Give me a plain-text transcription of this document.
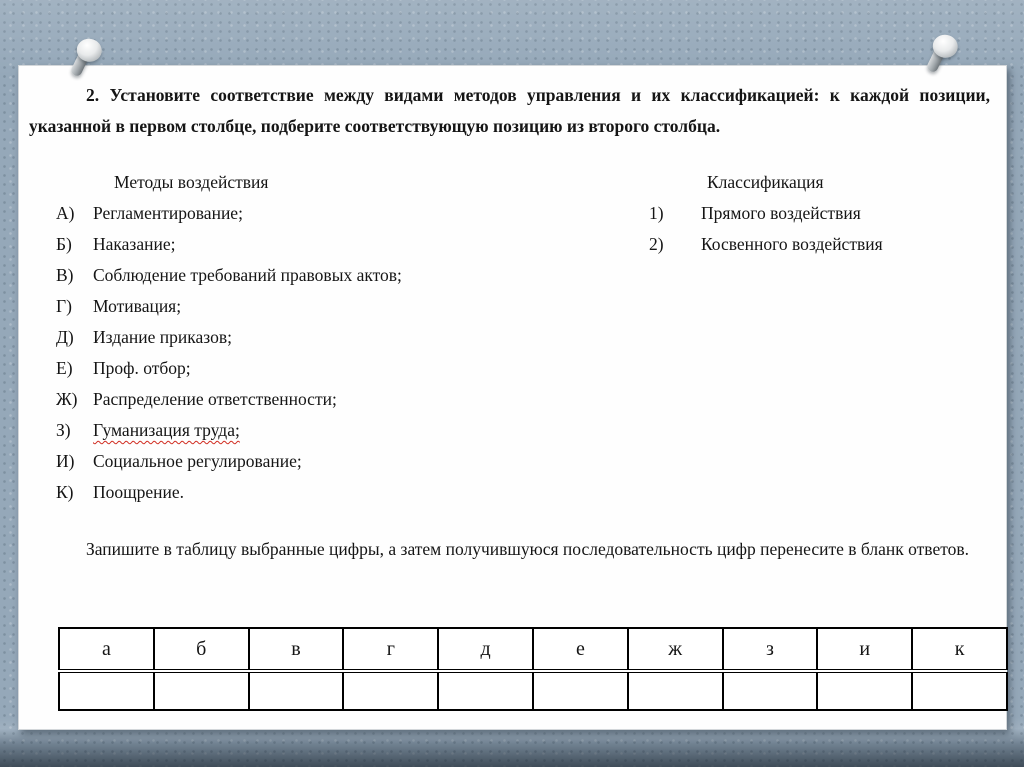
2. Установите соответствие между видами методов управления и их классификацией: к каждой позиции, указанной в первом столбце, подберите соответствующую позицию из второго столбца.
Методы воздействия
А)	Регламентирование;
Б)	Наказание;
В)	Соблюдение требований правовых актов;
Г)	Мотивация;
Д)	Издание приказов;
Е)	Проф. отбор;
Ж) Распределение ответственности;
З)	Гуманизация труда;
И)	Социальное регулирование;
К)	Поощрение.
Классификация
1)	Прямого воздействия
2)	Косвенного воздействия
Запишите в таблицу выбранные цифры, а затем получившуюся последовательность цифр перенесите в бланк ответов.
а	б	в	г	д	е	ж	з	и	к
